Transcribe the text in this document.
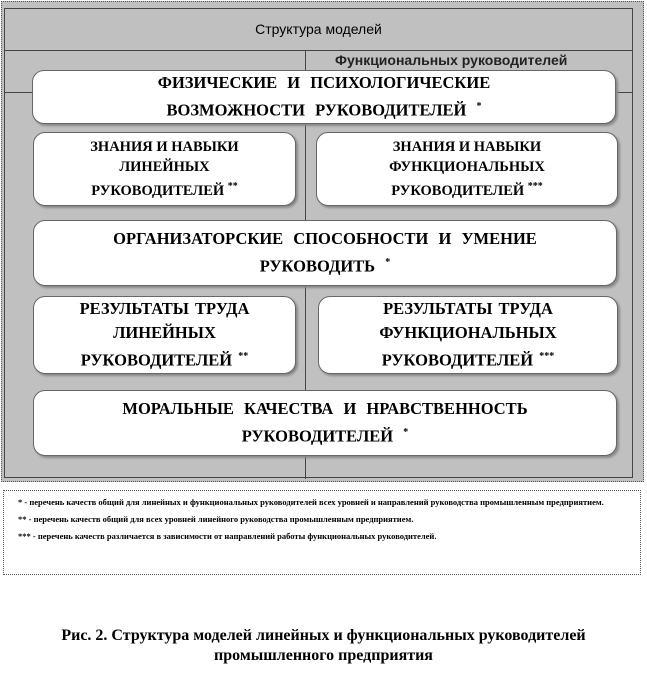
Структура моделей
Функциональных руководителей
ФИЗИЧЕСКИЕ И ПСИХОЛОГИЧЕСКИЕ ВОЗМОЖНОСТИ РУКОВОДИТЕЛЕЙ *
ЗНАНИЯ И НАВЫКИ ЛИНЕЙНЫХ РУКОВОДИТЕЛЕЙ **
ЗНАНИЯ И НАВЫКИ ФУНКЦИОНАЛЬНЫХ РУКОВОДИТЕЛЕЙ ***
ОРГАНИЗАТОРСКИЕ СПОСОБНОСТИ И УМЕНИЕ РУКОВОДИТЬ *
РЕЗУЛЬТАТЫ ТРУДА ЛИНЕЙНЫХ РУКОВОДИТЕЛЕЙ **
РЕЗУЛЬТАТЫ ТРУДА ФУНКЦИОНАЛЬНЫХ РУКОВОДИТЕЛЕЙ ***
МОРАЛЬНЫЕ КАЧЕСТВА И НРАВСТВЕННОСТЬ РУКОВОДИТЕЛЕЙ *
* - перечень качеств общий для линейных и функциональных руководителей всех уровней и направлений руководства промышленным предприятием.
** - перечень качеств общий для всех уровней линейного руководства промышленным предприятием.
*** - перечень качеств различается в зависимости от направлений работы функциональных руководителей.
Рис. 2. Структура моделей линейных и функциональных руководителей промышленного предприятия
